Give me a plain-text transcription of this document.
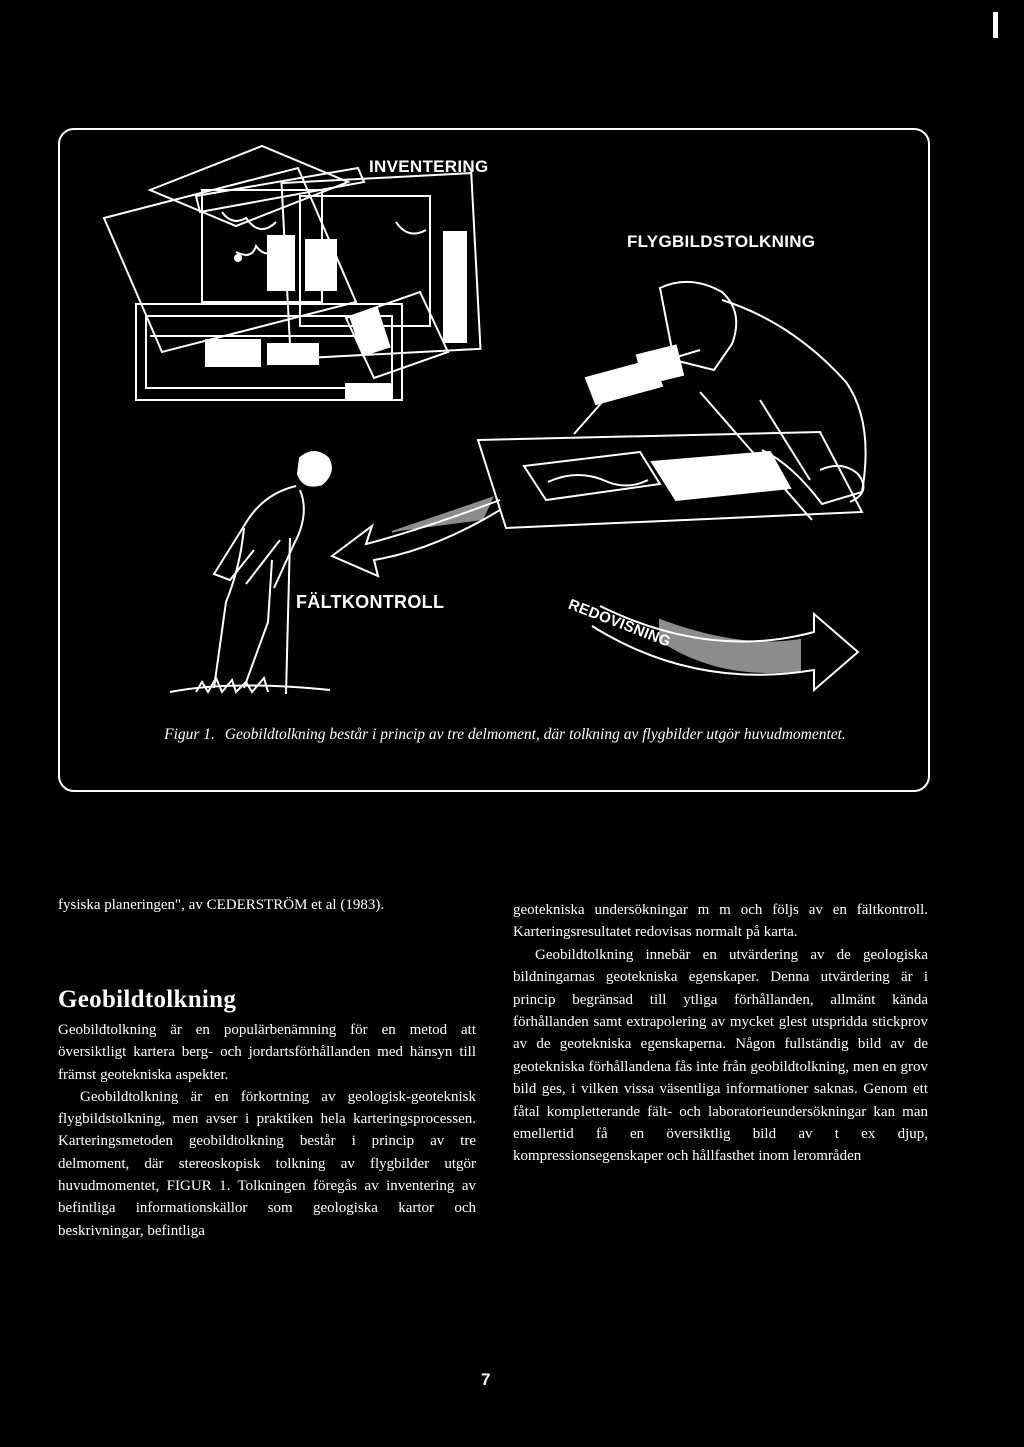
INVENTERING
FLYGBILDSTOLKNING
FÄLTKONTROLL	REDOVISNING
Figur 1. Geobildtolkning består i princip av tre delmoment, där tolkning av flygbilder utgör huvudmomentet.

fysiska planeringen", av CEDERSTRÖM et al (1983).

Geobildtolkning

Geobildtolkning är en populärbenämning för en metod att översiktligt kartera berg- och jordartsförhållanden med hänsyn till främst geotekniska aspekter.

Geobildtolkning är en förkortning av geologisk-geoteknisk flygbildstolkning, men avser i praktiken hela karteringsprocessen. Karteringsmetoden geobildtolkning består i princip av tre delmoment, där stereoskopisk tolkning av flygbilder utgör huvudmomentet, FIGUR 1. Tolkningen föregås av inventering av befintliga informationskällor som geologiska kartor och beskrivningar, befintliga

geotekniska undersökningar m m och följs av en fältkontroll. Karteringsresultatet redovisas normalt på karta.

Geobildtolkning innebär en utvärdering av de geologiska bildningarnas geotekniska egenskaper. Denna utvärdering är i princip begränsad till ytliga förhållanden, allmänt kända förhållanden samt extrapolering av mycket glest utspridda stickprov av de geotekniska egenskaperna. Någon fullständig bild av de geotekniska förhållandena fås inte från geobildtolkning, men en grov bild ges, i vilken vissa väsentliga informationer saknas. Genom ett fåtal kompletterande fält- och laboratorieundersökningar kan man emellertid få en översiktlig bild av t ex djup, kompressionsegenskaper och hållfasthet inom lerområden

7
